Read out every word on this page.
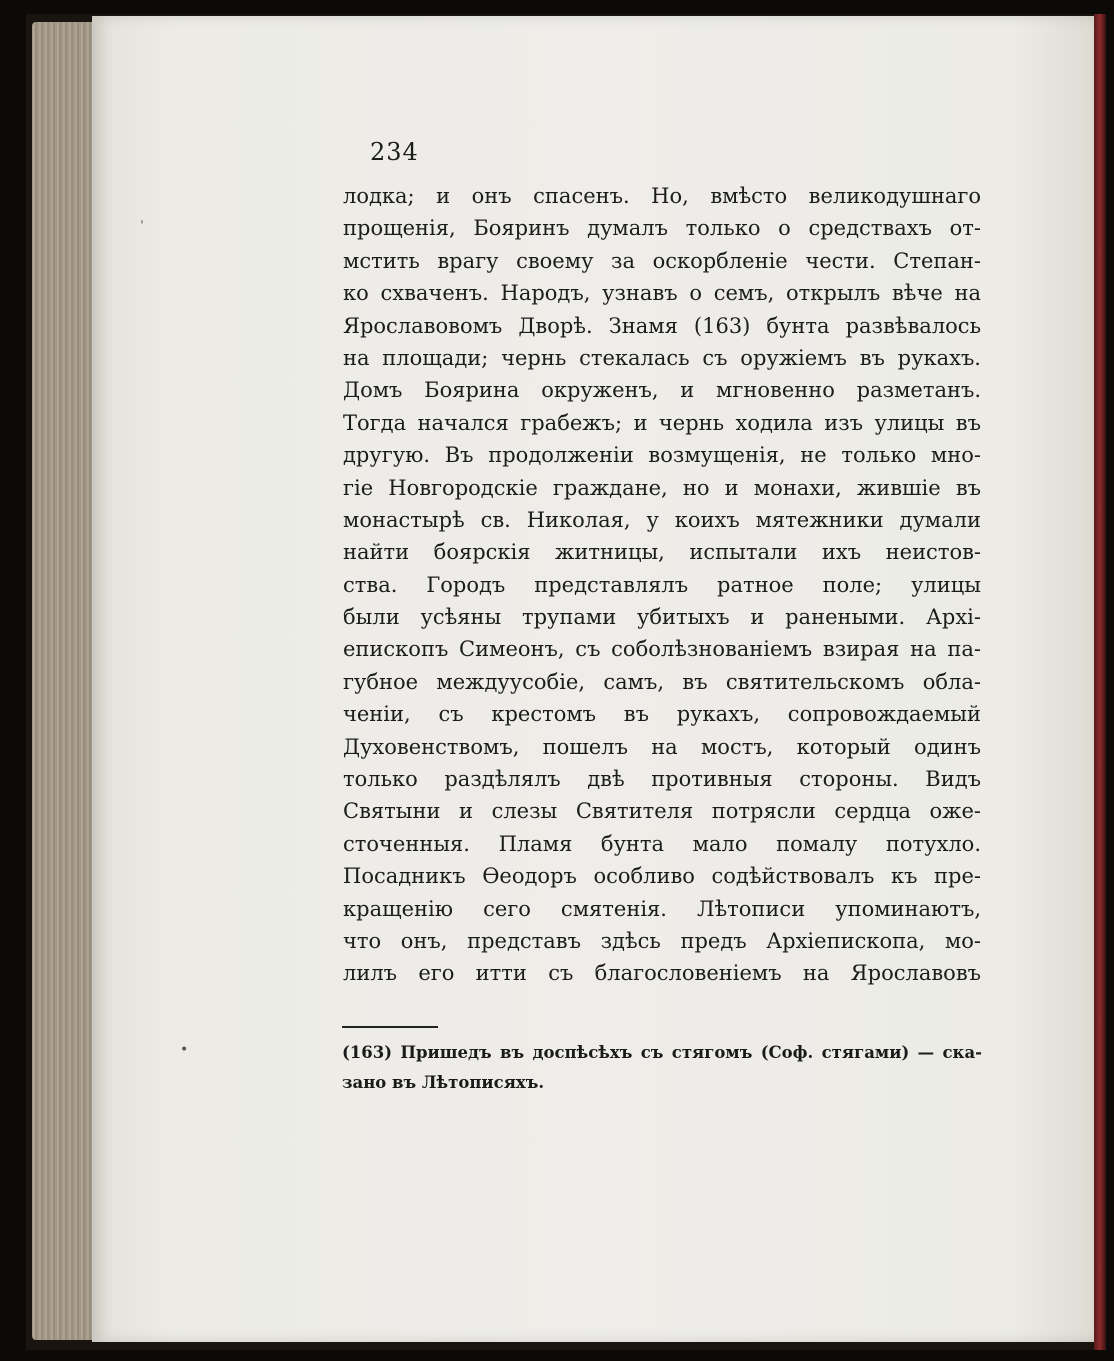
ˌ
•
234
лодка; и онъ спасенъ. Но, вмѣсто великодушнаго
прощенія, Бояринъ думалъ только о средствахъ от-
мстить врагу своему за оскорбленіе чести. Степан-
ко схваченъ. Народъ, узнавъ о семъ, открылъ вѣче на
Ярославовомъ Дворѣ. Знамя (163) бунта развѣвалось
на площади; чернь стекалась съ оружіемъ въ рукахъ.
Домъ Боярина окруженъ, и мгновенно разметанъ.
Тогда начался грабежъ; и чернь ходила изъ улицы въ
другую. Въ продолженіи возмущенія, не только мно-
гіе Новгородскіе граждане, но и монахи, жившіе въ
монастырѣ св. Николая, у коихъ мятежники думали
найти боярскія житницы, испытали ихъ неистов-
ства. Городъ представлялъ ратное поле; улицы
были усѣяны трупами убитыхъ и ранеными. Архі-
епископъ Симеонъ, съ соболѣзнованіемъ взирая на па-
губное междуусобіе, самъ, въ святительскомъ обла-
ченіи, съ крестомъ въ рукахъ, сопровождаемый
Духовенствомъ, пошелъ на мостъ, который одинъ
только раздѣлялъ двѣ противныя стороны. Видъ
Святыни и слезы Святителя потрясли сердца оже-
сточенныя. Пламя бунта мало помалу потухло.
Посадникъ Ѳеодоръ особливо содѣйствовалъ къ пре-
кращенію сего смятенія. Лѣтописи упоминаютъ,
что онъ, представъ здѣсь предъ Архіепископа, мо-
лилъ его итти съ благословеніемъ на Ярославовъ
(163) Пришедъ въ доспѣсѣхъ съ стягомъ (Соф. стягами) — ска-
зано въ Лѣтописяхъ.
